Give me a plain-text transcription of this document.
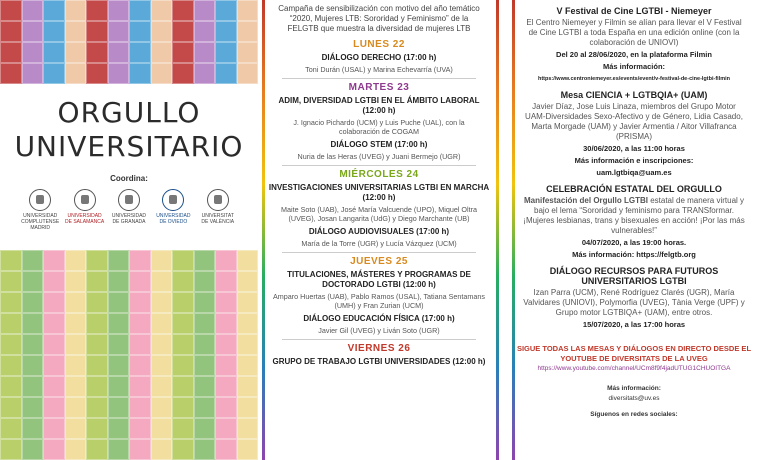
ORGULLO
UNIVERSITARIO
Coordina:
UNIVERSIDAD COMPLUTENSE MADRID
UNIVERSIDAD DE SALAMANCA
UNIVERSIDAD DE GRANADA
UNIVERSIDAD DE OVIEDO
UNIVERSITAT DE VALÈNCIA
Campaña de sensibilización con motivo del año temático “2020, Mujeres LTB: Sororidad y Feminismo” de la FELGTB que muestra la diversidad de mujeres LTB
LUNES 22
DIÁLOGO DERECHO (17:00 h)
Toni Durán (USAL) y Marina Echevarría (UVA)
MARTES 23
ADIM, DIVERSIDAD LGTBI EN EL ÁMBITO LABORAL (12:00 h)
J. Ignacio Pichardo (UCM) y Luis Puche (UAL), con la colaboración de COGAM
DIÁLOGO STEM (17:00 h)
Nuria de las Heras (UVEG) y Juani Bermejo (UGR)
MIÉRCOLES 24
INVESTIGACIONES UNIVERSITARIAS LGTBI EN MARCHA (12:00 h)
Maite Soto (UAB), José María Valcuende (UPO), Miquel Oltra (UVEG), Josan Langarita (UdG) y Diego Marchante (UB)
DIÁLOGO AUDIOVISUALES (17:00 h)
María de la Torre (UGR) y Lucía Vázquez (UCM)
JUEVES 25
TITULACIONES, MÁSTERES Y PROGRAMAS DE DOCTORADO LGTBI (12:00 h)
Amparo Huertas (UAB), Pablo Ramos (USAL), Tatiana Sentamans (UMH) y Fran Zurian (UCM)
DIÁLOGO EDUCACIÓN FÍSICA (17:00 h)
Javier Gil (UVEG) y Liván Soto (UGR)
VIERNES 26
GRUPO DE TRABAJO LGTBI UNIVERSIDADES (12:00 h)
V Festival de Cine LGTBI - Niemeyer
El Centro Niemeyer y Filmin se alían para llevar el V Festival de Cine LGTBI a toda España en una edición online (con la colaboración de UNIOVI)
Del 20 al 28/06/2020, en la plataforma Filmin
Más información:
https://www.centroniemeyer.es/events/event/v-festival-de-cine-lgtbi-filmin
Mesa CIENCIA + LGTBQIA+ (UAM)
Javier Díaz, Jose Luis Linaza, miembros del Grupo Motor UAM-Diversidades Sexo-Afectivo y de Género, Lidia Casado, Marta Morgade (UAM) y Javier Armentia / Aitor Villafranca (PRISMA)
30/06/2020, a las 11:00 horas
Más información e inscripciones:
uam.lgtbiqa@uam.es
CELEBRACIÓN ESTATAL DEL ORGULLO
Manifestación del Orgullo LGTBI estatal de manera virtual y bajo el lema “Sororidad y feminismo para TRANSformar. ¡Mujeres lesbianas, trans y bisexuales en acción! ¡Por las más vulnerables!”
04/07/2020, a las 19:00 horas.
Más información: https://felgtb.org
DIÁLOGO RECURSOS PARA FUTUROS UNIVERSITARIOS LGTBI
Izan Parra (UCM), René Rodríguez Clarés (UGR), María Valvidares (UNIOVI), Polymorfia (UVEG), Tània Verge (UPF) y Grupo motor LGTBIQA+ (UAM), entre otros.
15/07/2020, a las 17:00 horas
SIGUE TODAS LAS MESAS Y DIÁLOGOS EN DIRECTO DESDE EL YOUTUBE DE DIVERSITATS DE LA UVEG
https://www.youtube.com/channel/UCm8f9f4jadUTUG1CHUOITGA
Más información:
diversitats@uv.es
Síguenos en redes sociales:
